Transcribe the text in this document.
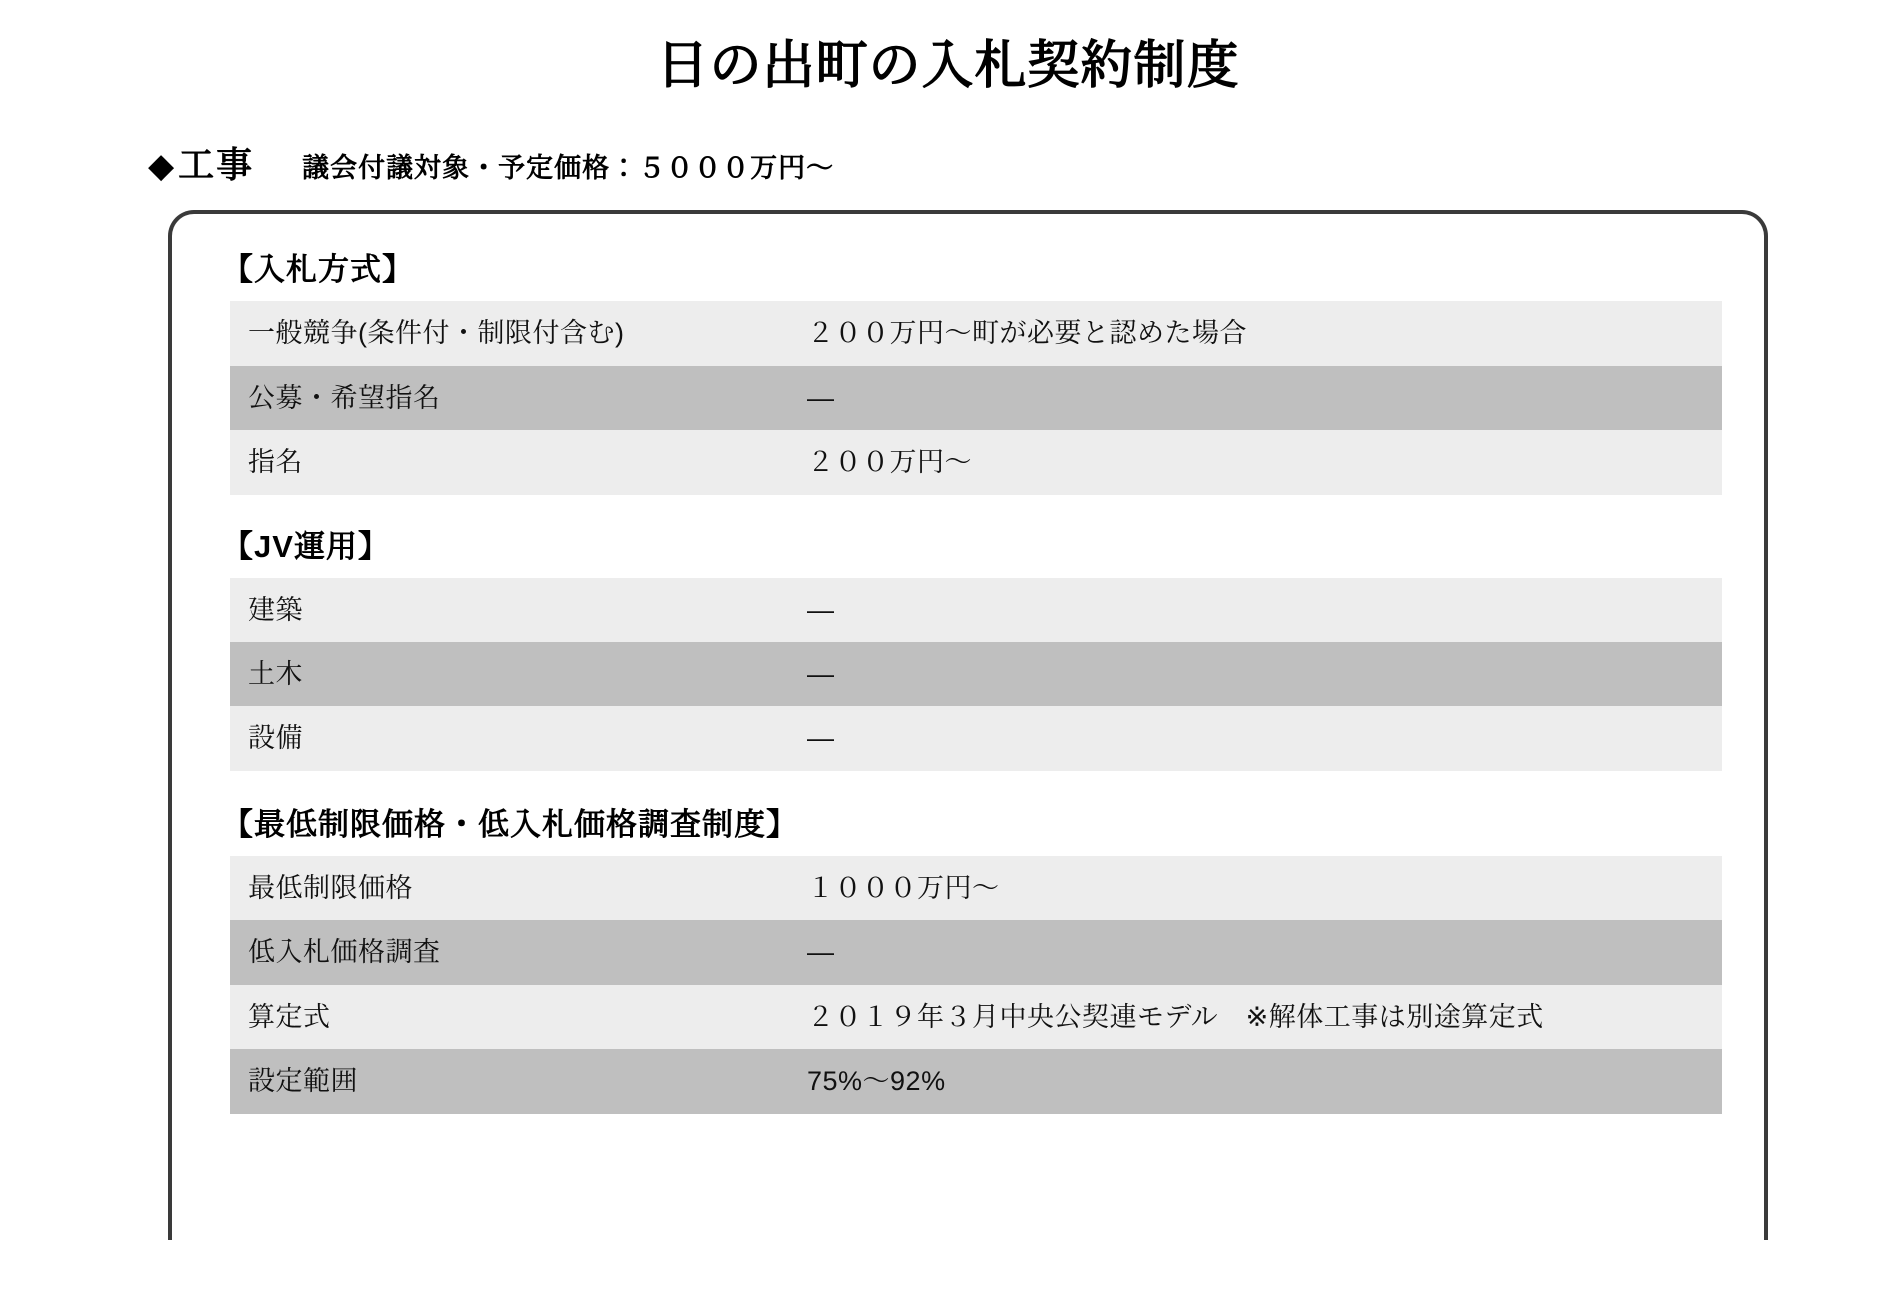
日の出町の入札契約制度
◆ 工事 議会付議対象・予定価格：５０００万円〜
【入札方式】
一般競争(条件付・制限付含む)	２００万円〜町が必要と認めた場合
公募・希望指名	―
指名	２００万円〜
【JV運用】
建築	―
土木	―
設備	―
【最低制限価格・低入札価格調査制度】
最低制限価格	１０００万円〜
低入札価格調査	―
算定式	２０１９年３月中央公契連モデル　※解体工事は別途算定式
設定範囲	75%〜92%
